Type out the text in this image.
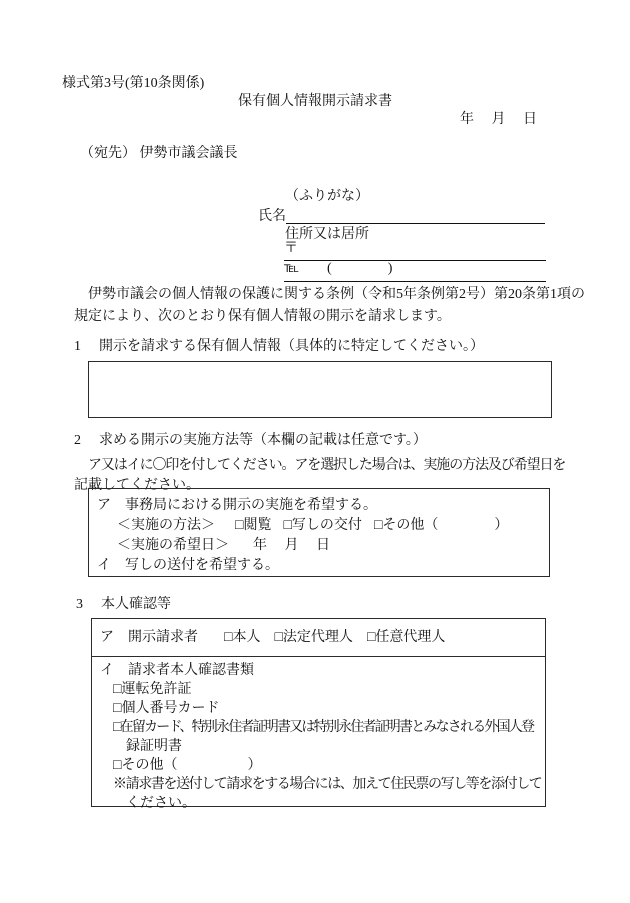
様式第3号(第10条関係)
保有個人情報開示請求書
年　 月　 日
（宛先） 伊勢市議会議長
（ふりがな）
氏名
住所又は居所
〒
℡　　(　　　　)
伊勢市議会の個人情報の保護に関する条例（令和5年条例第2号）第20条第1項の
規定により、次のとおり保有個人情報の開示を請求します。
1 開示を請求する保有個人情報（具体的に特定してください。）
2 求める開示の実施方法等（本欄の記載は任意です。）
ア又はイに〇印を付してください。アを選択した場合は、実施の方法及び希望日を
記載してください。
ア　事務局における開示の実施を希望する。
＜実施の方法＞ □閲覧 □写しの交付 □その他（　　　　）
＜実施の希望日＞ 年　 月　 日
イ　写しの送付を希望する。
3 本人確認等
ア　開示請求者 □本人 □法定代理人 □任意代理人
イ　請求者本人確認書類
□運転免許証
□個人番号カード
□在留カード、特別永住者証明書又は特別永住者証明書とみなされる外国人登
録証明書
□その他（　　　　　）
※請求書を送付して請求をする場合には、加えて住民票の写し等を添付して
ください。
